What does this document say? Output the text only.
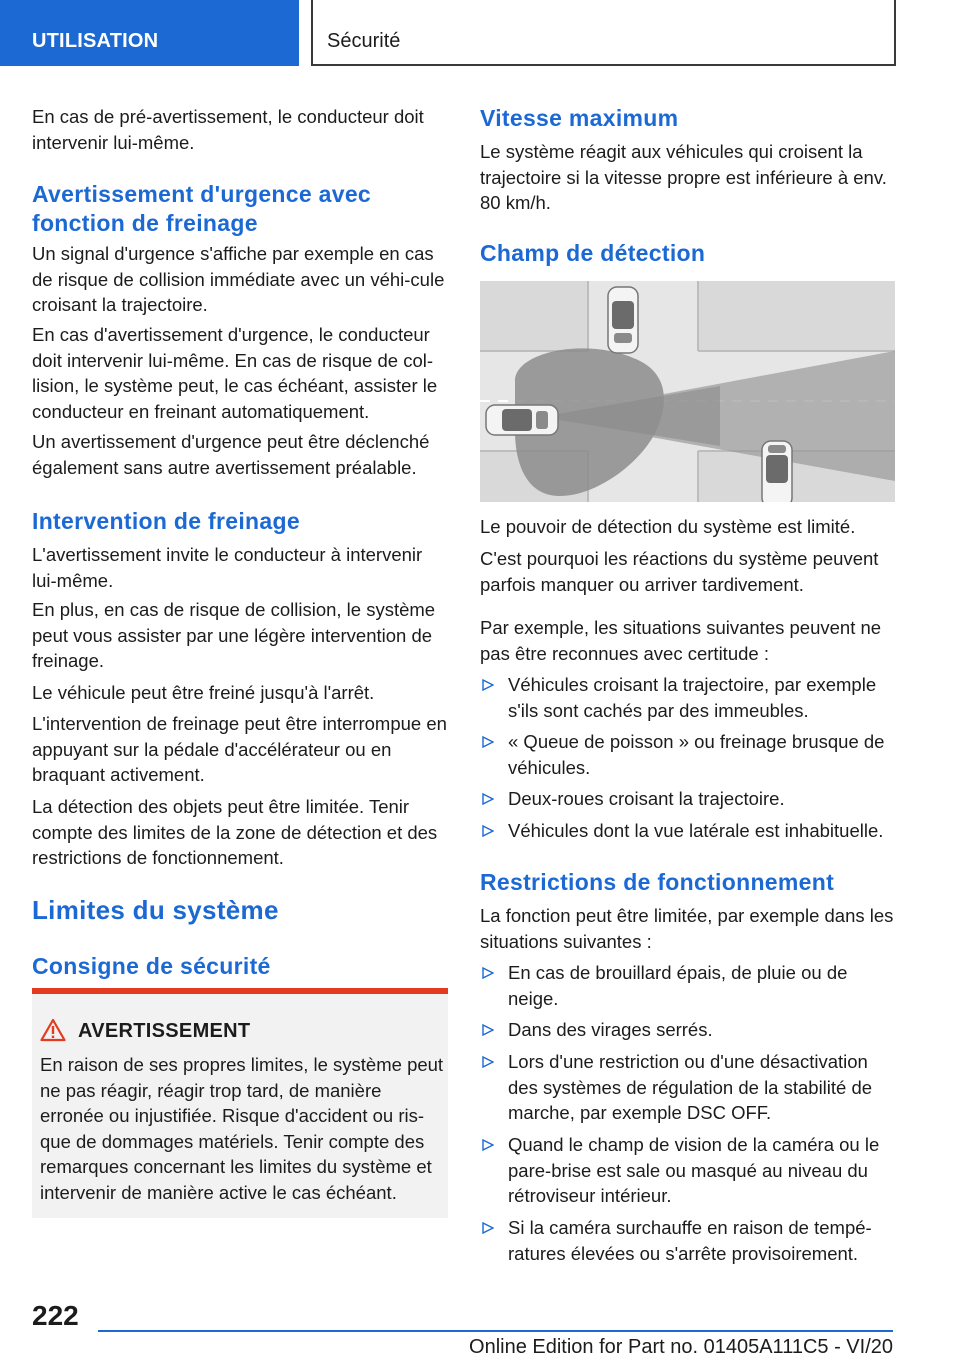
UTILISATION	Sécurité
En cas de pré-avertissement, le conducteur doit intervenir lui-même.
Avertissement d'urgence avec fonction de freinage
Un signal d'urgence s'affiche par exemple en cas de risque de collision immédiate avec un véhi-cule croisant la trajectoire.
En cas d'avertissement d'urgence, le conducteur doit intervenir lui-même. En cas de risque de col-lision, le système peut, le cas échéant, assister le conducteur en freinant automatiquement.
Un avertissement d'urgence peut être déclenché également sans autre avertissement préalable.
Intervention de freinage
L'avertissement invite le conducteur à intervenir lui-même.
En plus, en cas de risque de collision, le système peut vous assister par une légère intervention de freinage.
Le véhicule peut être freiné jusqu'à l'arrêt.
L'intervention de freinage peut être interrompue en appuyant sur la pédale d'accélérateur ou en braquant activement.
La détection des objets peut être limitée. Tenir compte des limites de la zone de détection et des restrictions de fonctionnement.
Limites du système
Consigne de sécurité
AVERTISSEMENT
En raison de ses propres limites, le système peut ne pas réagir, réagir trop tard, de manière erronée ou injustifiée. Risque d'accident ou ris-que de dommages matériels. Tenir compte des remarques concernant les limites du système et intervenir de manière active le cas échéant.
Vitesse maximum
Le système réagit aux véhicules qui croisent la trajectoire si la vitesse propre est inférieure à env. 80 km/h.
Champ de détection
Le pouvoir de détection du système est limité.
C'est pourquoi les réactions du système peuvent parfois manquer ou arriver tardivement.
Par exemple, les situations suivantes peuvent ne pas être reconnues avec certitude :
Véhicules croisant la trajectoire, par exemple s'ils sont cachés par des immeubles.
« Queue de poisson » ou freinage brusque de véhicules.
Deux-roues croisant la trajectoire.
Véhicules dont la vue latérale est inhabituelle.
Restrictions de fonctionnement
La fonction peut être limitée, par exemple dans les situations suivantes :
En cas de brouillard épais, de pluie ou de neige.
Dans des virages serrés.
Lors d'une restriction ou d'une désactivation des systèmes de régulation de la stabilité de marche, par exemple DSC OFF.
Quand le champ de vision de la caméra ou le pare-brise est sale ou masqué au niveau du rétroviseur intérieur.
Si la caméra surchauffe en raison de tempé-ratures élevées ou s'arrête provisoirement.
222
Online Edition for Part no. 01405A111C5 - VI/20
